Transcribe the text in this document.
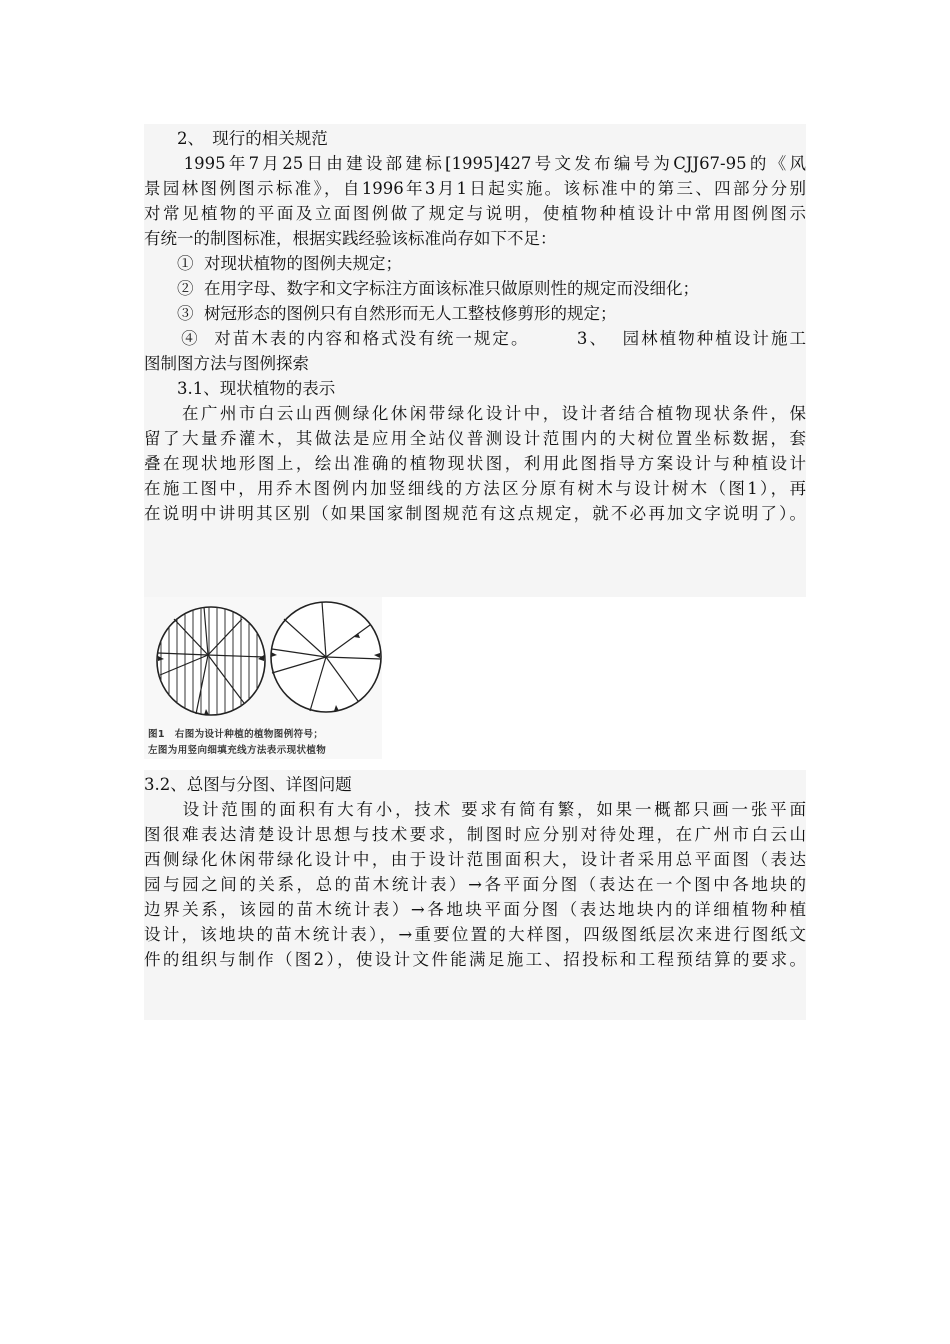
　　2、　现行的相关规范
　　1995年7月25日由建设部建标[1995]427号文发布编号为CJJ67-95的《风
景园林图例图示标准》，自1996年3月1日起实施。该标准中的第三、四部分分别
对常见植物的平面及立面图例做了规定与说明，使植物种植设计中常用图例图示
有统一的制图标准，根据实践经验该标准尚存如下不足：
　　①  对现状植物的图例夫规定；
　　②  在用字母、数字和文字标注方面该标准只做原则性的规定而没细化；
　　③  树冠形态的图例只有自然形而无人工整枝修剪形的规定；
　　④  对苗木表的内容和格式没有统一规定。　　　3、  园林植物种植设计施工
图制图方法与图例探索
　　3.1、现状植物的表示
　　在广州市白云山西侧绿化休闲带绿化设计中，设计者结合植物现状条件，保
留了大量乔灌木，其做法是应用全站仪普测设计范围内的大树位置坐标数据，套
叠在现状地形图上，绘出准确的植物现状图，利用此图指导方案设计与种植设计
在施工图中，用乔木图例内加竖细线的方法区分原有树木与设计树木（图1），再
在说明中讲明其区别（如果国家制图规范有这点规定，就不必再加文字说明了）。
图1　右图为设计种植的植物图例符号；
左图为用竖向细填充线方法表示现状植物
3.2、总图与分图、详图问题
　　设计范围的面积有大有小，技术 要求有简有繁，如果一概都只画一张平面
图很难表达清楚设计思想与技术要求，制图时应分别对待处理，在广州市白云山
西侧绿化休闲带绿化设计中，由于设计范围面积大，设计者采用总平面图（表达
园与园之间的关系，总的苗木统计表）→各平面分图（表达在一个图中各地块的
边界关系，该园的苗木统计表）→各地块平面分图（表达地块内的详细植物种植
设计，该地块的苗木统计表），→重要位置的大样图，四级图纸层次来进行图纸文
件的组织与制作（图2），使设计文件能满足施工、招投标和工程预结算的要求。
